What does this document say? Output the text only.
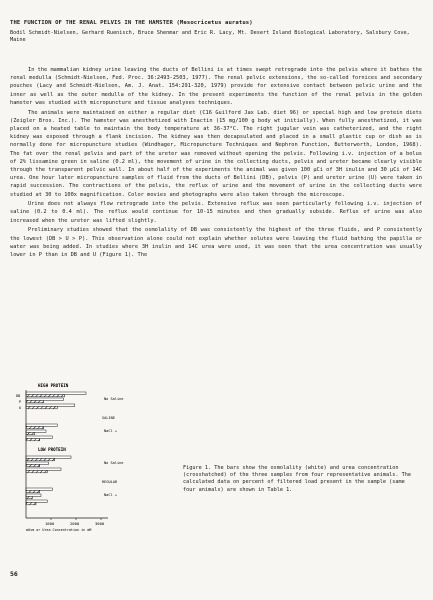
THE FUNCTION OF THE RENAL PELVIS IN THE HAMSTER (Mesocricetus auratus)
Bodil Schmidt-Nielsen, Gerhard Ruenisch, Bruce Shenmar and Eric R. Lacy, Mt. Desert Island Biological Laboratory, Salsbury Cove, Maine

In the mammalian kidney urine leaving the ducts of Bellini is at times swept retrograde into the pelvis where it bathes the renal medulla (Schmidt-Nielsen, Fed. Proc. 36:2493-2503, 1977). The renal pelvic extensions, the so-called fornices and secondary pouches (Lacy and Schmidt-Nielsen, Am. J. Anat. 154:291-320, 1979) provide for extensive contact between pelvic urine and the inner as well as the outer medulla of the kidney. In the present experiments the function of the renal pelvis in the golden hamster was studied with micropuncture and tissue analyses techniques.

The animals were maintained on either a regular diet (C16 Guilford Jax Lab. diet 96) or special high and low protein diets (Zeigler Bros. Inc.). The hamster was anesthetized with Inactin (15 mg/100 g body wt initially). When fully anesthetized, it was placed on a heated table to maintain the body temperature at 36-37°C. The right jugular vein was catheterized, and the right kidney was exposed through a flank incision. The kidney was then decapsulated and placed in a small plastic cup or dish as is normally done for micropuncture studies (Windhager, Micropuncture Techniques and Nephron Function, Butterworth, London, 1968). The fat over the renal pelvis and part of the ureter was removed without opening the pelvis. Following i.v. injection of a bolus of 2% lissamine green in saline (0.2 ml), the movement of urine in the collecting ducts, pelvis and ureter became clearly visible through the transparent pelvic wall. In about half of the experiments the animal was given 100 μCi of 3H inulin and 30 μCi of 14C urea. One hour later micropuncture samples of fluid from the ducts of Bellini (DB), pelvis (P) and ureter urine (U) were taken in rapid succession. The contractions of the pelvis, the reflux of urine and the movement of urine in the collecting ducts were studied at 30 to 100x magnification. Color movies and photographs were also taken through the microscope.

Urine does not always flow retrograde into the pelvis. Extensive reflux was seen particularly following i.v. injection of saline (0.2 to 0.4 ml). The reflux would continue for 10-15 minutes and then gradually subside. Reflux of urine was also increased when the ureter was lifted slightly.

Preliminary studies showed that the osmolality of DB was consistently the highest of the three fluids, and P consistently the lowest (DB > U > P). This observation alone could not explain whether solutes were leaving the fluid bathing the papilla or water was being added. In studies where 3H inulin and 14C urea were used, it was seen that the urea concentration was usually lower in P than in DB and U (Figure 1). The

HIGH PROTEIN
No Saline
SALINE
NaCl +
LOW PROTEIN
No Saline
REGULAR
NaCl +
DB
P
U
1000	2000	3000
mOsm or Urea Concentration in mM
Figure 1. The bars show the osmolality (white) and urea concentration (crosshatched) of the three samples from four representative animals. The calculated data on percent of filtered load present in the sample (same four animals) are shown in Table 1.
56
